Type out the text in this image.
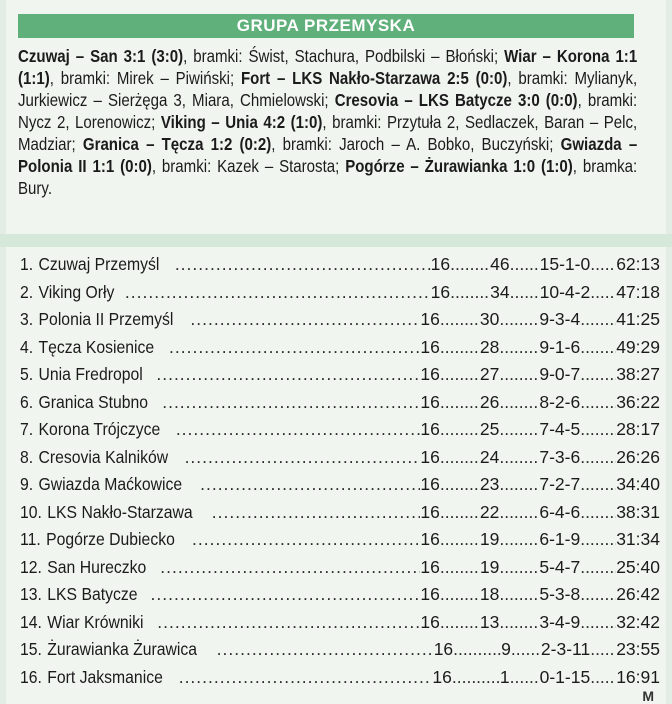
GRUPA PRZEMYSKA
Czuwaj – San 3:1 (3:0), bramki: Świst, Stachura, Podbilski – Błoński; Wiar – Korona 1:1 (1:1), bramki: Mirek – Piwiński; Fort – LKS Nakło-Starzawa 2:5 (0:0), bramki: Mylianyk, Jurkiewicz – Sierżęga 3, Miara, Chmielowski; Cresovia – LKS Batycze 3:0 (0:0), bramki: Nycz 2, Lorenowicz; Viking – Unia 4:2 (1:0), bramki: Przytuła 2, Sedlaczek, Baran – Pelc, Madziar; Granica – Tęcza 1:2 (0:2), bramki: Jaroch – A. Bobko, Buczyński; Gwiazda – Polonia II 1:1 (0:0), bramki: Kazek – Starosta; Pogórze – Żurawianka 1:0 (1:0), bramka: Bury.
1. Czuwaj Przemyśl .....	16 ..... 46 ..... 15-1-0 ..... 62:13
2. Viking Orły .....	16 ..... 34 ..... 10-4-2 ..... 47:18
3. Polonia II Przemyśl .....	16 ..... 30 ..... 9-3-4 ..... 41:25
4. Tęcza Kosienice .....	16 ..... 28 ..... 9-1-6 ..... 49:29
5. Unia Fredropol .....	16 ..... 27 ..... 9-0-7 ..... 38:27
6. Granica Stubno .....	16 ..... 26 ..... 8-2-6 ..... 36:22
7. Korona Trójczyce .....	16 ..... 25 ..... 7-4-5 ..... 28:17
8. Cresovia Kalników .....	16 ..... 24 ..... 7-3-6 ..... 26:26
9. Gwiazda Maćkowice .....	16 ..... 23 ..... 7-2-7 ..... 34:40
10. LKS Nakło-Starzawa .....	16 ..... 22 ..... 6-4-6 ..... 38:31
11. Pogórze Dubiecko .....	16 ..... 19 ..... 6-1-9 ..... 31:34
12. San Hureczko .....	16 ..... 19 ..... 5-4-7 ..... 25:40
13. LKS Batycze .....	16 ..... 18 ..... 5-3-8 ..... 26:42
14. Wiar Krówniki .....	16 ..... 13 ..... 3-4-9 ..... 32:42
15. Żurawianka Żurawica .....	16 .....	9 ..... 2-3-11 ..... 23:55
16. Fort Jaksmanice .....	16 .....	1 ..... 0-1-15 ..... 16:91
M
